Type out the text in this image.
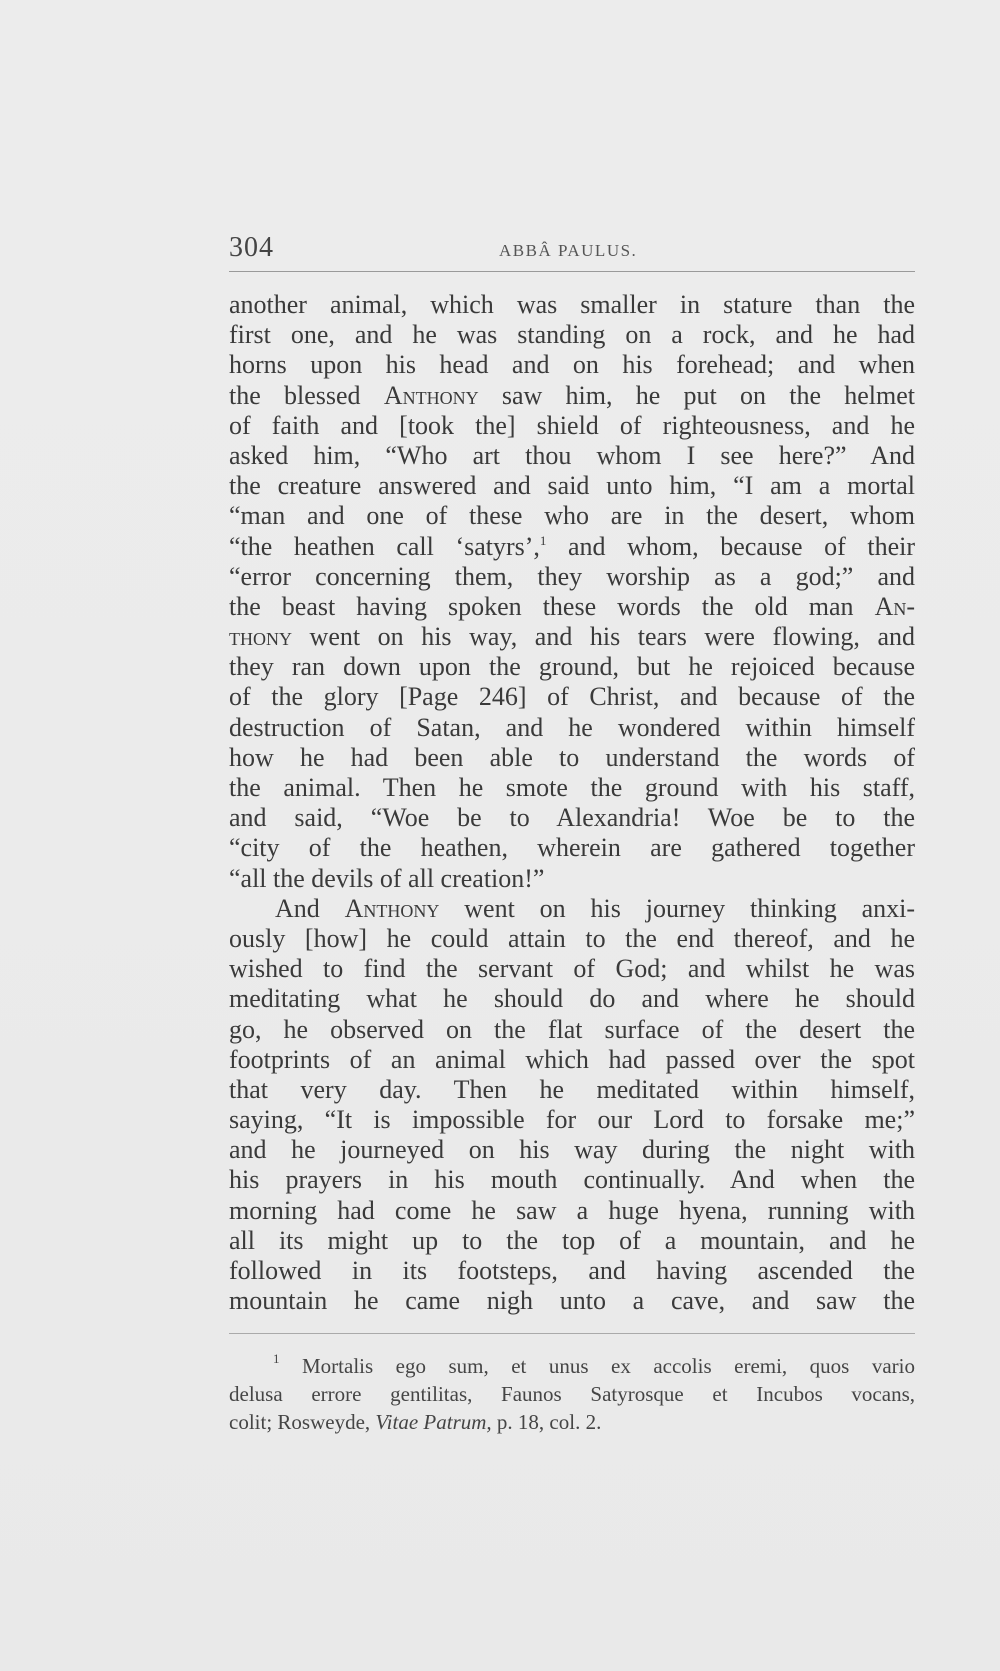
304	ABBÂ PAULUS.
another animal, which was smaller in stature than the
first one, and he was standing on a rock, and he had
horns upon his head and on his forehead; and when
the blessed Anthony saw him, he put on the helmet
of faith and [took the] shield of righteousness, and he
asked him, “Who art thou whom I see here?” And
the creature answered and said unto him, “I am a mortal
“man and one of these who are in the desert, whom
“the heathen call ‘satyrs’,$^1$ and whom, because of their
“error concerning them, they worship as a god;” and
the beast having spoken these words the old man An-
thony went on his way, and his tears were flowing, and
they ran down upon the ground, but he rejoiced because
of the glory [Page 246] of Christ, and because of the
destruction of Satan, and he wondered within himself
how he had been able to understand the words of
the animal. Then he smote the ground with his staff,
and said, “Woe be to Alexandria! Woe be to the
“city of the heathen, wherein are gathered together
“all the devils of all creation!”
And Anthony went on his journey thinking anxi-
ously [how] he could attain to the end thereof, and he
wished to find the servant of God; and whilst he was
meditating what he should do and where he should
go, he observed on the flat surface of the desert the
footprints of an animal which had passed over the spot
that very day. Then he meditated within himself,
saying, “It is impossible for our Lord to forsake me;”
and he journeyed on his way during the night with
his prayers in his mouth continually. And when the
morning had come he saw a huge hyena, running with
all its might up to the top of a mountain, and he
followed in its footsteps, and having ascended the
mountain he came nigh unto a cave, and saw the
$^1$ Mortalis ego sum, et unus ex accolis eremi, quos vario
delusa errore gentilitas, Faunos Satyrosque et Incubos vocans,
colit; Rosweyde, Vitae Patrum, p. 18, col. 2.
